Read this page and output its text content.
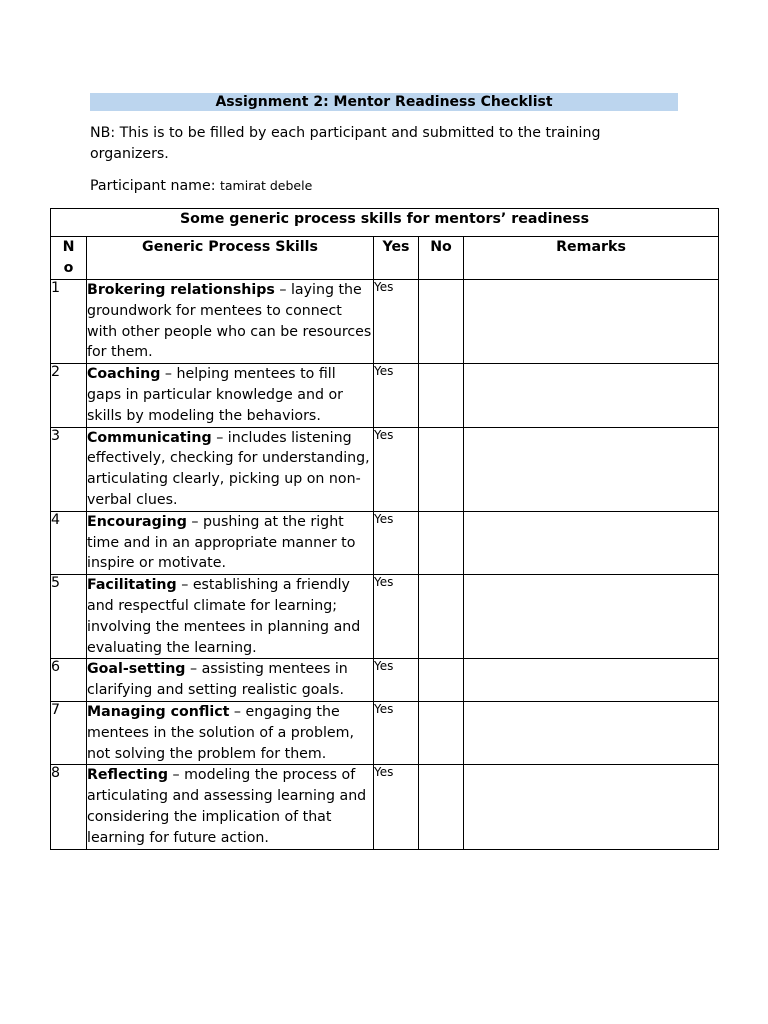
Assignment 2: Mentor Readiness Checklist
NB: This is to be filled by each participant and submitted to the training organizers.
Participant name: tamirat debele
Some generic process skills for mentors’ readiness				
No	Generic Process Skills	Yes	No	Remarks
1	Brokering relationships – laying the groundwork for mentees to connect with other people who can be resources for them.	Yes		
2	Coaching – helping mentees to fill gaps in particular knowledge and or skills by modeling the behaviors.	Yes		
3	Communicating – includes listening effectively, checking for understanding, articulating clearly, picking up on non-verbal clues.	Yes		
4	Encouraging – pushing at the right time and in an appropriate manner to inspire or motivate.	Yes		
5	Facilitating – establishing a friendly and respectful climate for learning; involving the mentees in planning and evaluating the learning.	Yes		
6	Goal-setting – assisting mentees in clarifying and setting realistic goals.	Yes		
7	Managing conflict – engaging the mentees in the solution of a problem, not solving the problem for them.	Yes		
8	Reflecting – modeling the process of articulating and assessing learning and considering the implication of that learning for future action.	Yes		
